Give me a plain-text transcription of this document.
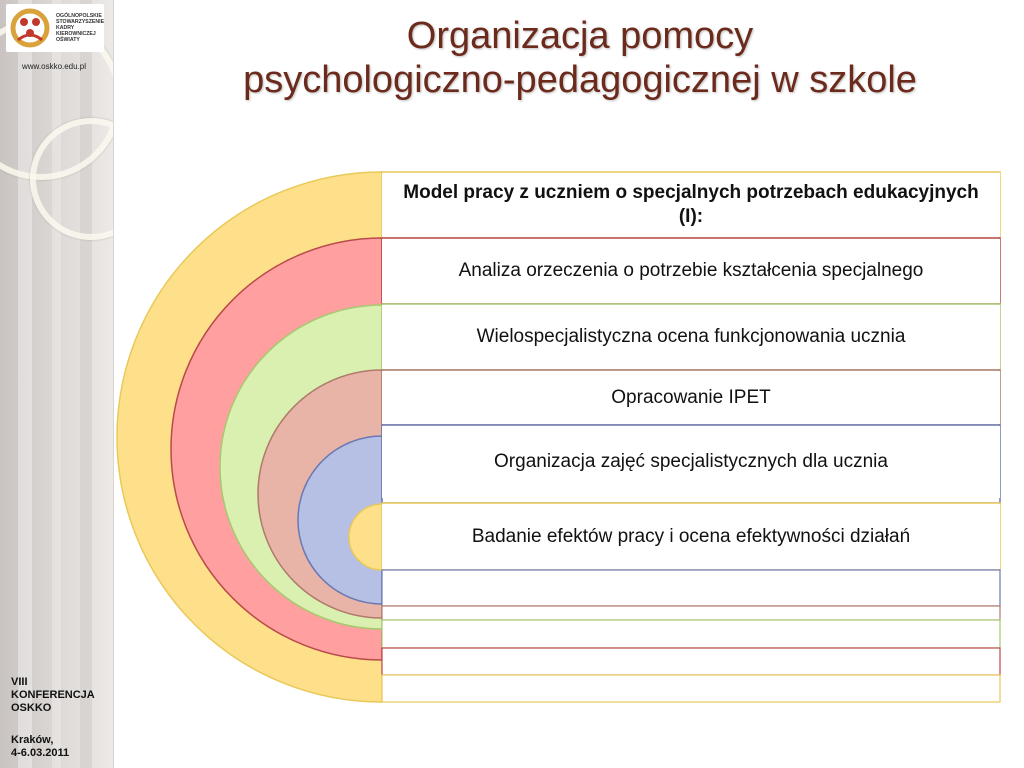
OGÓLNOPOLSKIE
STOWARZYSZENIE
KADRY
KIEROWNICZEJ
OŚWIATY
www.oskko.edu.pl
VIII
KONFERENCJA
OSKKO
Kraków,
4-6.03.2011
Organizacja pomocy
psychologiczno-pedagogicznej w szkole
Model pracy z uczniem o specjalnych potrzebach edukacyjnych (I):
Analiza orzeczenia o potrzebie kształcenia specjalnego
Wielospecjalistyczna ocena funkcjonowania ucznia
Opracowanie IPET
Organizacja zajęć specjalistycznych dla ucznia
Badanie efektów pracy i ocena efektywności działań
